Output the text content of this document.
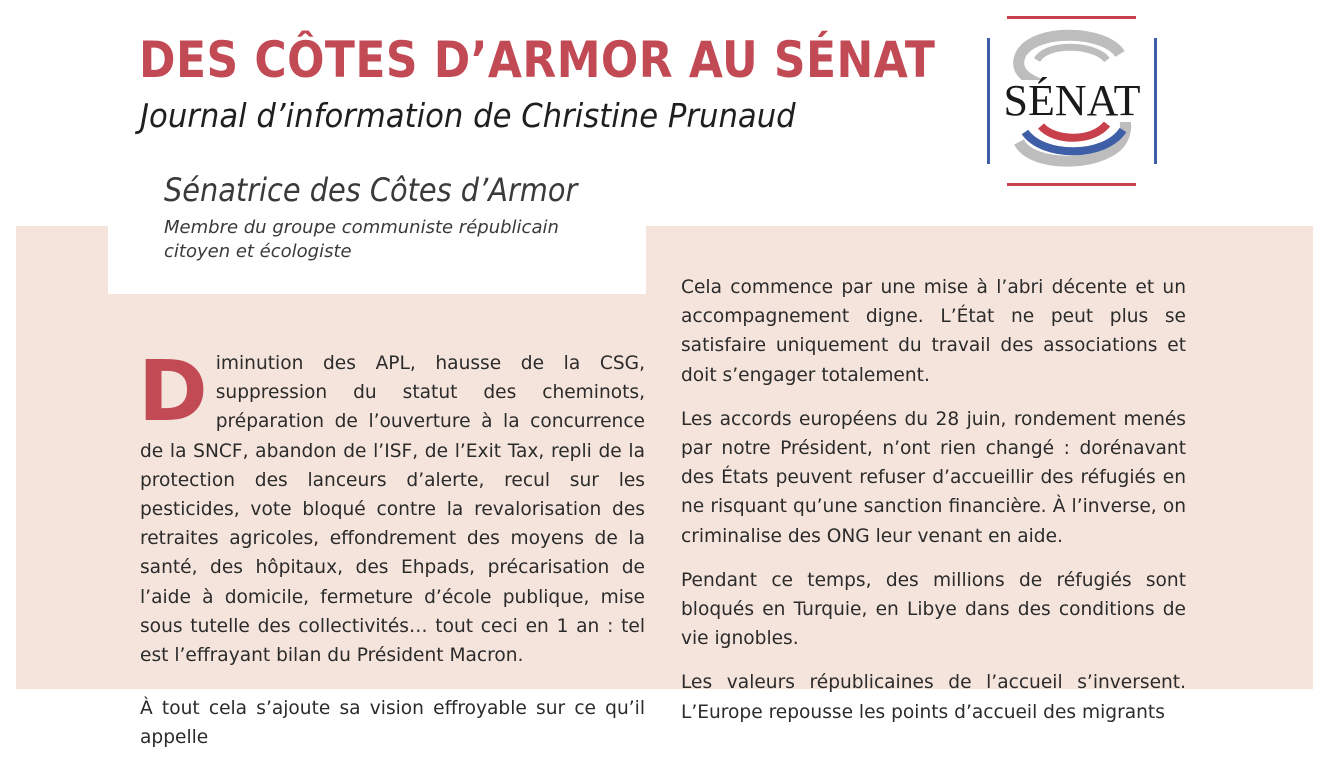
DES CÔTES D’ARMOR AU SÉNAT
Journal d’information de Christine Prunaud
Sénatrice des Côtes d’Armor
Membre du groupe communiste républicain
citoyen et écologiste
SÉNAT

Diminution des APL, hausse de la CSG, suppression du statut des cheminots, préparation de l’ouverture à la concurrence de la SNCF, abandon de l’ISF, de l’Exit Tax, repli de la protection des lanceurs d’alerte, recul sur les pesticides, vote bloqué contre la revalorisation des retraites agricoles, effondrement des moyens de la santé, des hôpitaux, des Ehpads, précarisation de l’aide à domicile, fermeture d’école publique, mise sous tutelle des collectivités… tout ceci en 1 an : tel est l’effrayant bilan du Président Macron.

À tout cela s’ajoute sa vision effroyable sur ce qu’il appelle

Cela commence par une mise à l’abri décente et un accompagnement digne. L’État ne peut plus se satisfaire uniquement du travail des associations et doit s’engager totalement.

Les accords européens du 28 juin, rondement menés par notre Président, n’ont rien changé : dorénavant des États peuvent refuser d’accueillir des réfugiés en ne risquant qu’une sanction financière. À l’inverse, on criminalise des ONG leur venant en aide.

Pendant ce temps, des millions de réfugiés sont bloqués en Turquie, en Libye dans des conditions de vie ignobles.

Les valeurs républicaines de l’accueil s’inversent. L’Europe repousse les points d’accueil des migrants
